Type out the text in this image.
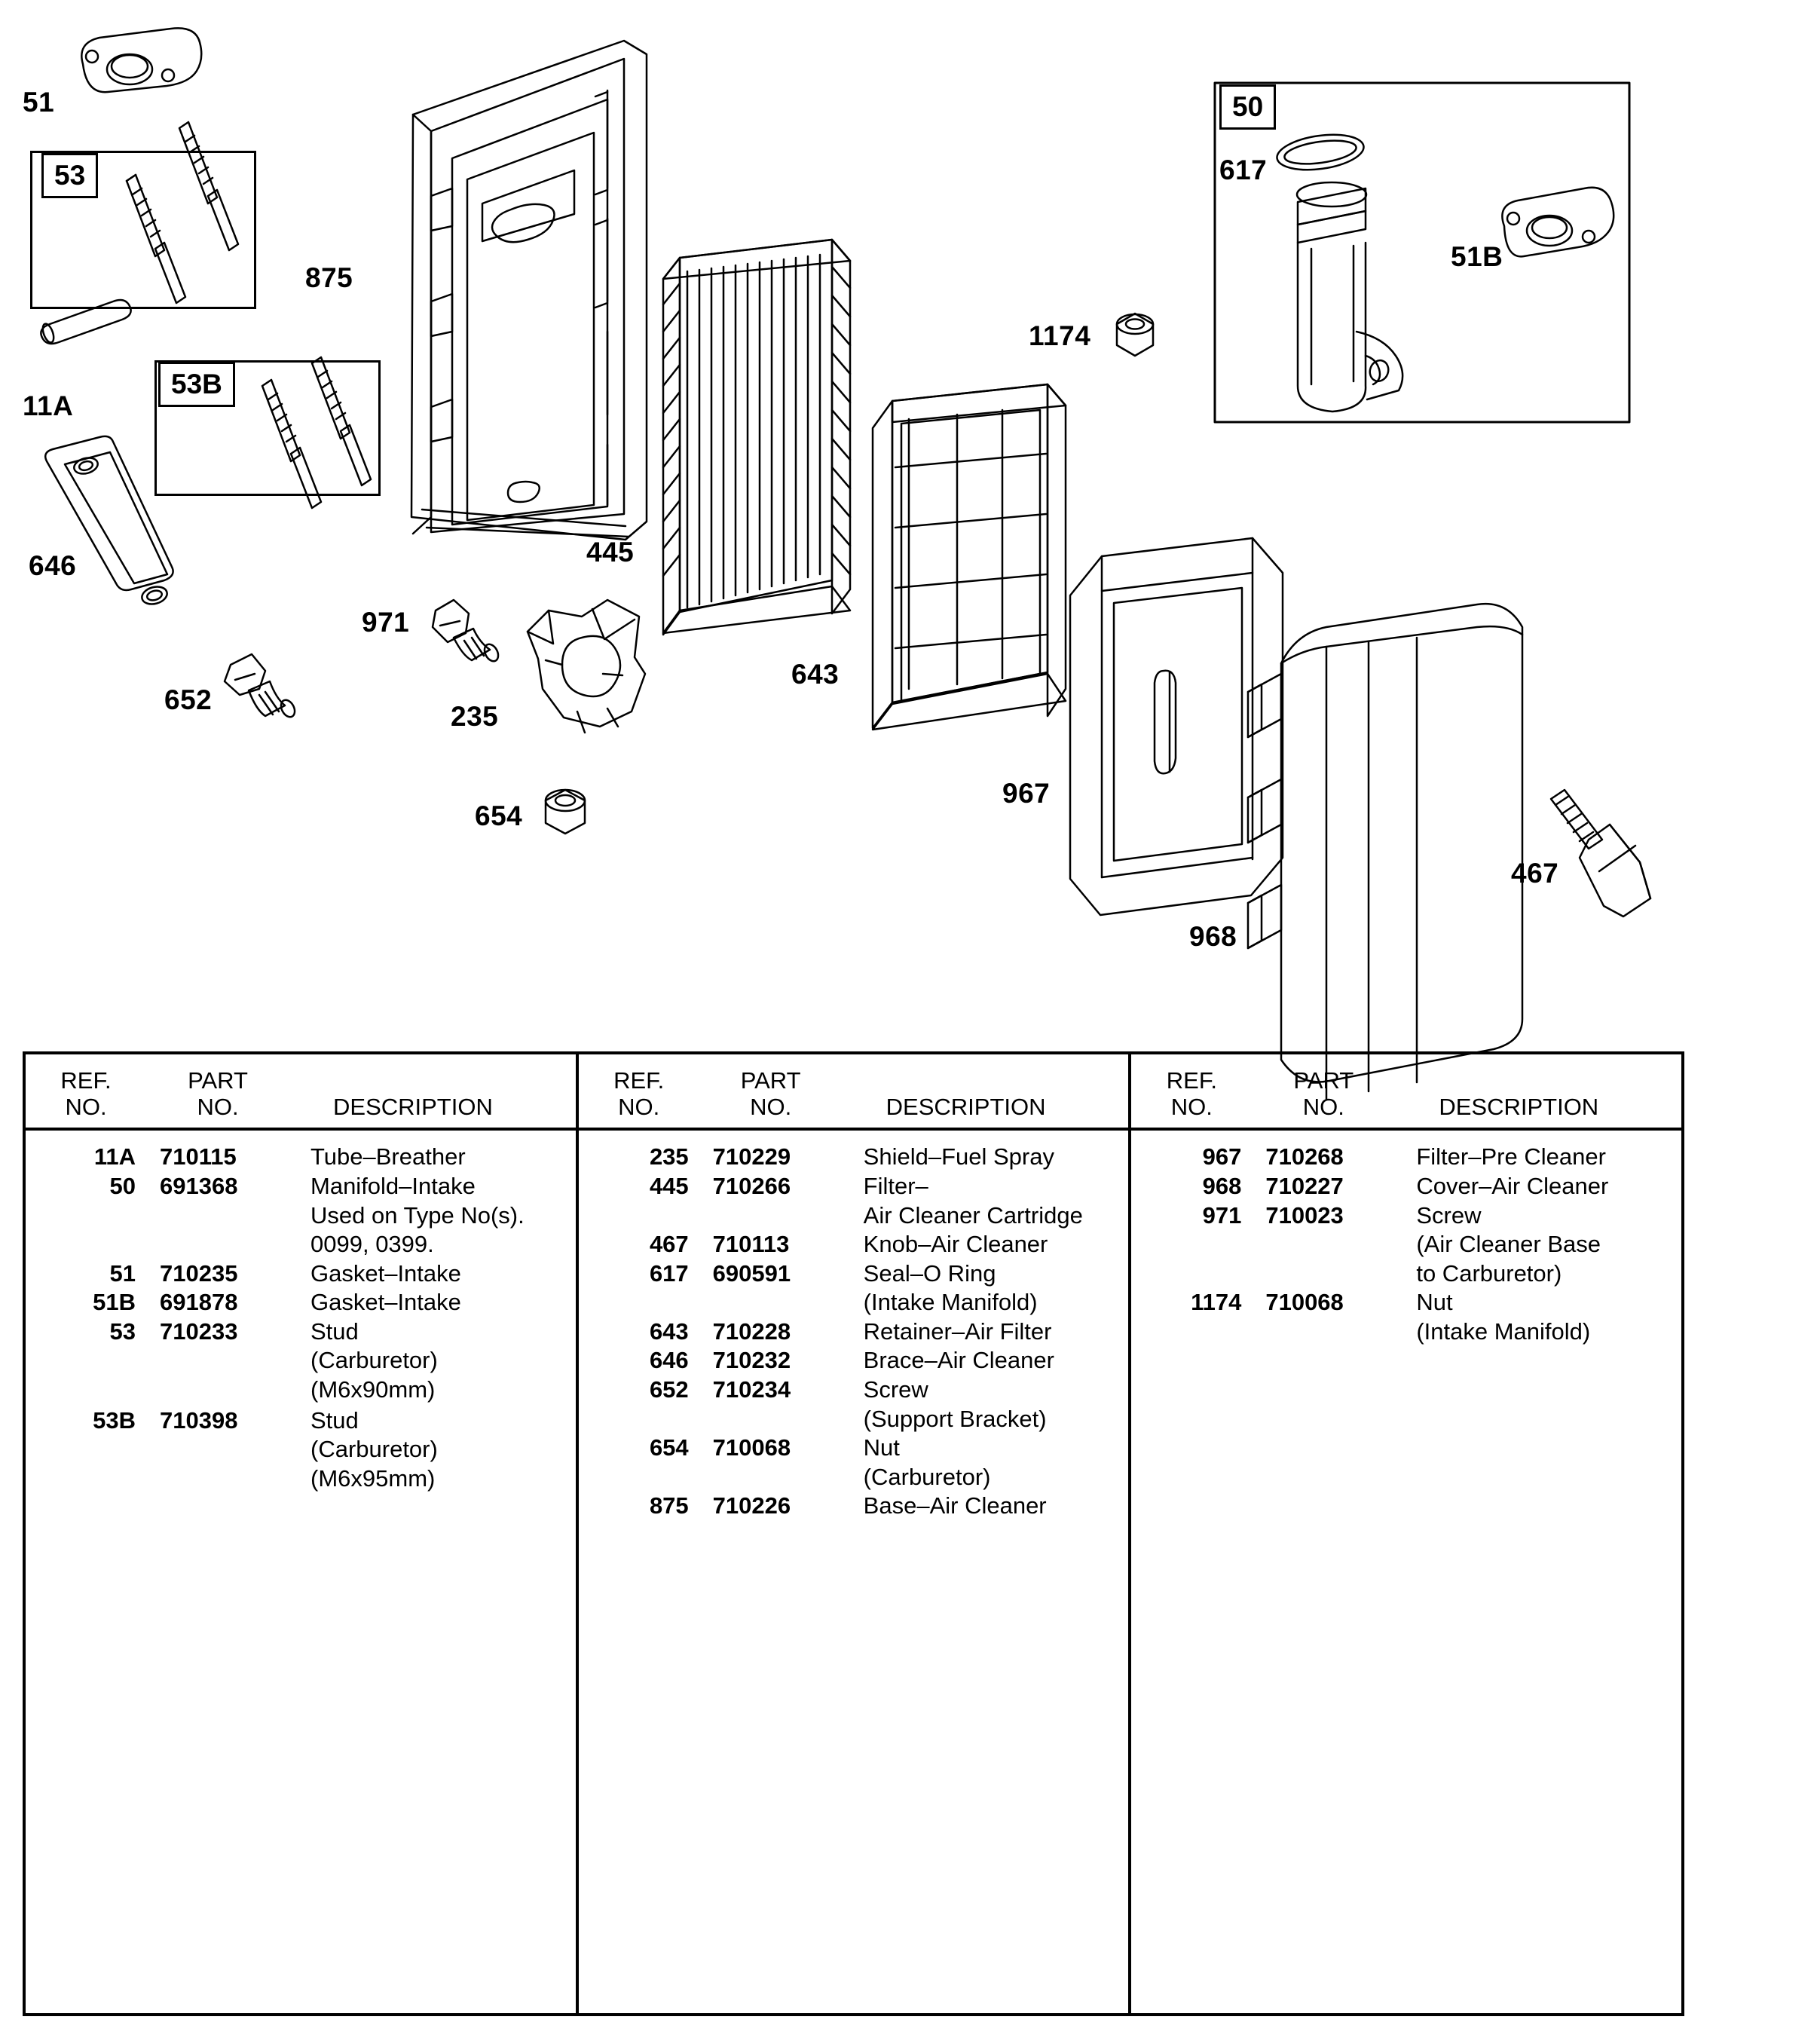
51
53
875
11A
53B
646
652
971
235
654
445
643
1174
967
968
467
50
617
51B
REF.
NO.
PART
NO.	DESCRIPTION
11A	710115	Tube–Breather
50	691368	Manifold–Intake
Used on Type No(s).
0099, 0399.
51	710235	Gasket–Intake
51B	691878	Gasket–Intake
53	710233	Stud
(Carburetor)
(M6x90mm)
53B	710398	Stud
(Carburetor)
(M6x95mm)
REF.
NO.
PART
NO.	DESCRIPTION
235	710229	Shield–Fuel Spray
445	710266	Filter–
Air Cleaner Cartridge
467	710113	Knob–Air Cleaner
617	690591	Seal–O Ring
(Intake Manifold)
643	710228	Retainer–Air Filter
646	710232	Brace–Air Cleaner
652	710234	Screw
(Support Bracket)
654	710068	Nut
(Carburetor)
875	710226	Base–Air Cleaner
REF.
NO.
PART
NO.	DESCRIPTION
967	710268	Filter–Pre Cleaner
968	710227	Cover–Air Cleaner
971	710023	Screw
(Air Cleaner Base
to Carburetor)
1174	710068	Nut
(Intake Manifold)
